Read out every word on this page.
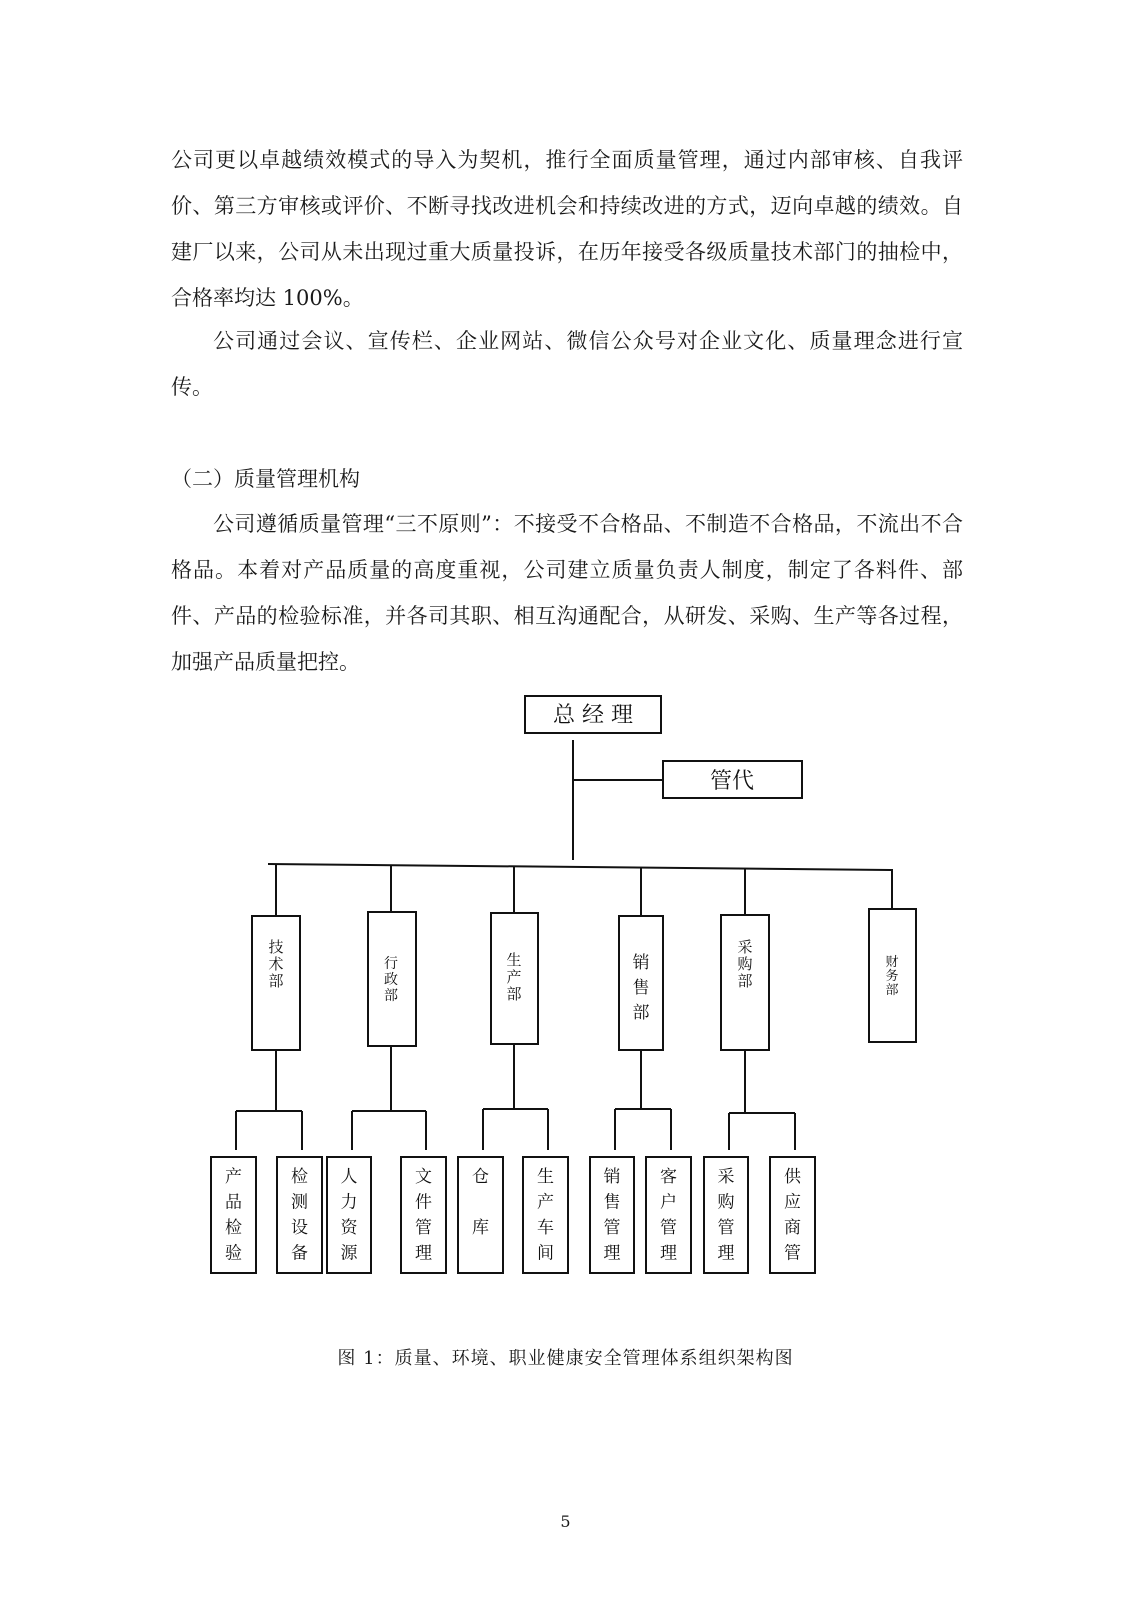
公司更以卓越绩效模式的导入为契机，推行全面质量管理，通过内部审核、自我评价、第三方审核或评价、不断寻找改进机会和持续改进的方式，迈向卓越的绩效。自建厂以来，公司从未出现过重大质量投诉，在历年接受各级质量技术部门的抽检中，合格率均达 100%。

公司通过会议、宣传栏、企业网站、微信公众号对企业文化、质量理念进行宣传。

（二）质量管理机构

公司遵循质量管理“三不原则”：不接受不合格品、不制造不合格品，不流出不合格品。本着对产品质量的高度重视，公司建立质量负责人制度，制定了各料件、部件、产品的检验标准，并各司其职、相互沟通配合，从研发、采购、生产等各过程，加强产品质量把控。

总 经 理
管代
技
术
部
产
品
检
验
检
测
设
备
行
政
部
人
力
资
源
文
件
管
理
生
产
部
仓
库
生
产
车
间
销
售
部
销
售
管
理
客
户
管
理
采
购
部
采
购
管
理
供
应
商
管
财
务
部
图 1：质量、环境、职业健康安全管理体系组织架构图
5
